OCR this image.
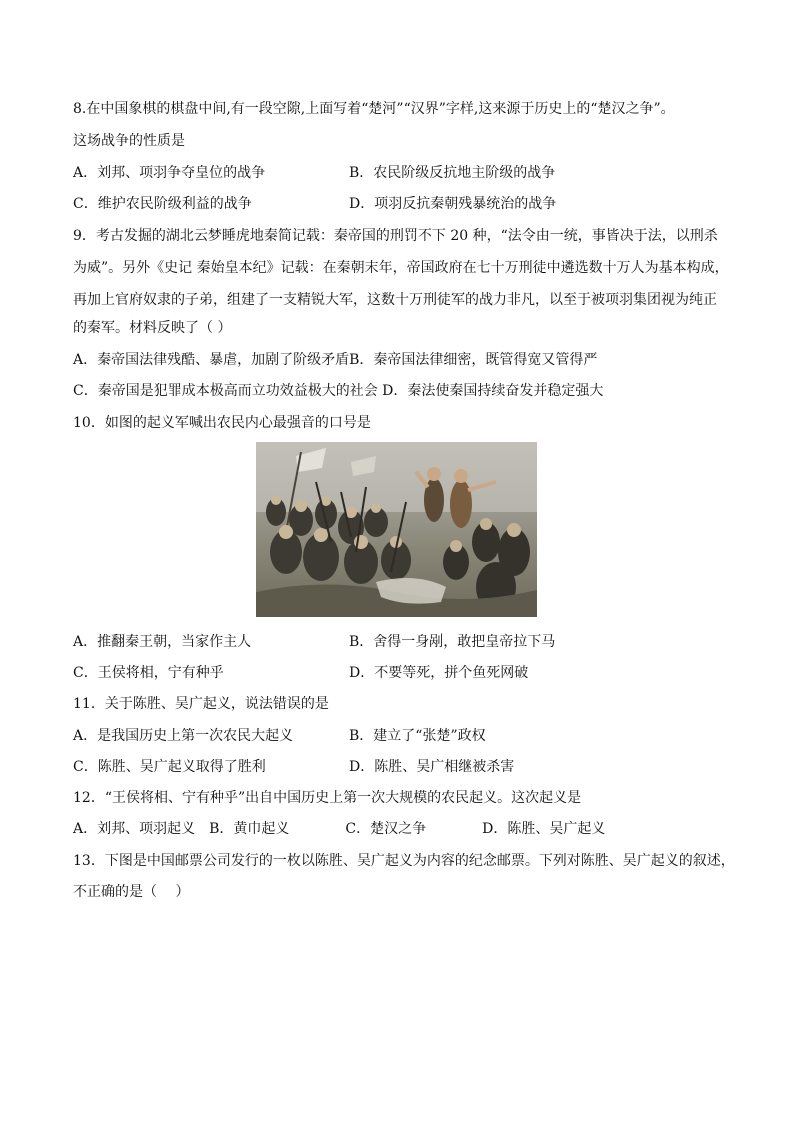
8.在中国象棋的棋盘中间,有一段空隙,上面写着“楚河”“汉界”字样,这来源于历史上的“楚汉之争”。
这场战争的性质是
A．刘邦、项羽争夺皇位的战争	B．农民阶级反抗地主阶级的战争
C．维护农民阶级利益的战争	D．项羽反抗秦朝残暴统治的战争
9．考古发掘的湖北云梦睡虎地秦简记载：秦帝国的刑罚不下 20 种，“法令由一统，事皆决于法，以刑杀
为威”。另外《史记 秦始皇本纪》记载：在秦朝末年，帝国政府在七十万刑徒中遴选数十万人为基本构成，
再加上官府奴隶的子弟，组建了一支精锐大军，这数十万刑徒军的战力非凡，以至于被项羽集团视为纯正
的秦军。材料反映了（ ）
A．秦帝国法律残酷、暴虐，加剧了阶级矛盾B．秦帝国法律细密，既管得宽又管得严
C．秦帝国是犯罪成本极高而立功效益极大的社会 D．秦法使秦国持续奋发并稳定强大
10．如图的起义军喊出农民内心最强音的口号是
A．推翻秦王朝，当家作主人	B．舍得一身剐，敢把皇帝拉下马
C．王侯将相，宁有种乎	D．不要等死，拼个鱼死网破
11．关于陈胜、吴广起义，说法错误的是
A．是我国历史上第一次农民大起义	B．建立了“张楚”政权
C．陈胜、吴广起义取得了胜利	D．陈胜、吴广相继被杀害
12．“王侯将相、宁有种乎”出自中国历史上第一次大规模的农民起义。这次起义是
A．刘邦、项羽起义　B．黄巾起义　　　　C．楚汉之争　　　　D．陈胜、吴广起义
13．下图是中国邮票公司发行的一枚以陈胜、吴广起义为内容的纪念邮票。下列对陈胜、吴广起义的叙述，
不正确的是（　 ）
